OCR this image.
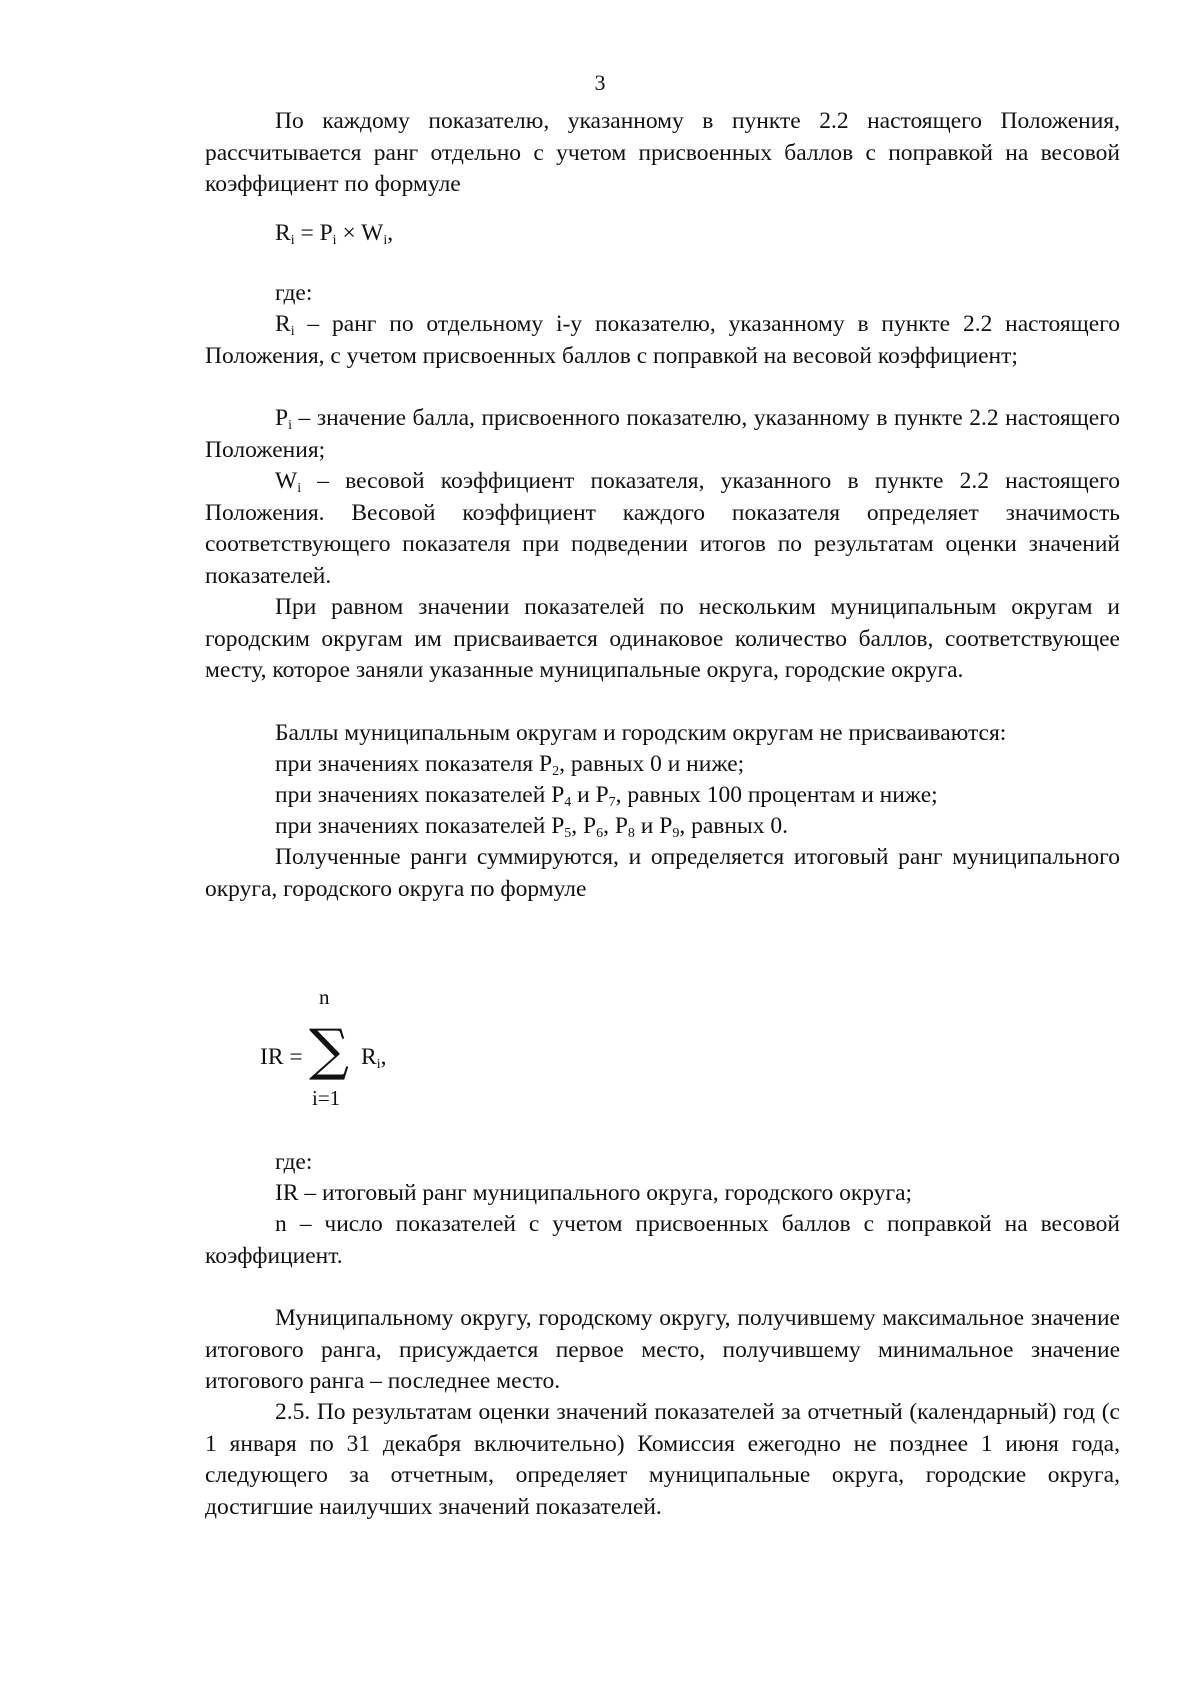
3
По каждому показателю, указанному в пункте 2.2 настоящего Положения, рассчитывается ранг отдельно с учетом присвоенных баллов с поправкой на весовой коэффициент по формуле
$R_i = P_i \times W_i$,
где:
$R_i$ – ранг по отдельному i-у показателю, указанному в пункте 2.2 настоящего Положения, с учетом присвоенных баллов с поправкой на весовой коэффициент;
$P_i$ – значение балла, присвоенного показателю, указанному в пункте 2.2 настоящего Положения;
$W_i$ – весовой коэффициент показателя, указанного в пункте 2.2 настоящего Положения. Весовой коэффициент каждого показателя определяет значимость соответствующего показателя при подведении итогов по результатам оценки значений показателей.
При равном значении показателей по нескольким муниципальным округам и городским округам им присваивается одинаковое количество баллов, соответствующее месту, которое заняли указанные муниципальные округа, городские округа.
Баллы муниципальным округам и городским округам не присваиваются:
при значениях показателя $P_2$, равных 0 и ниже;
при значениях показателей $P_4$ и $P_7$, равных 100 процентам и ниже;
при значениях показателей $P_5$, $P_6$, $P_8$ и $P_9$, равных 0.
Полученные ранги суммируются, и определяется итоговый ранг муниципального округа, городского округа по формуле
IR =
n
∑
i=1
$R_i$,
где:
IR – итоговый ранг муниципального округа, городского округа;
n – число показателей с учетом присвоенных баллов с поправкой на весовой коэффициент.
Муниципальному округу, городскому округу, получившему максимальное значение итогового ранга, присуждается первое место, получившему минимальное значение итогового ранга – последнее место.
2.5. По результатам оценки значений показателей за отчетный (календарный) год (с 1 января по 31 декабря включительно) Комиссия ежегодно не позднее 1 июня года, следующего за отчетным, определяет муниципальные округа, городские округа, достигшие наилучших значений показателей.
